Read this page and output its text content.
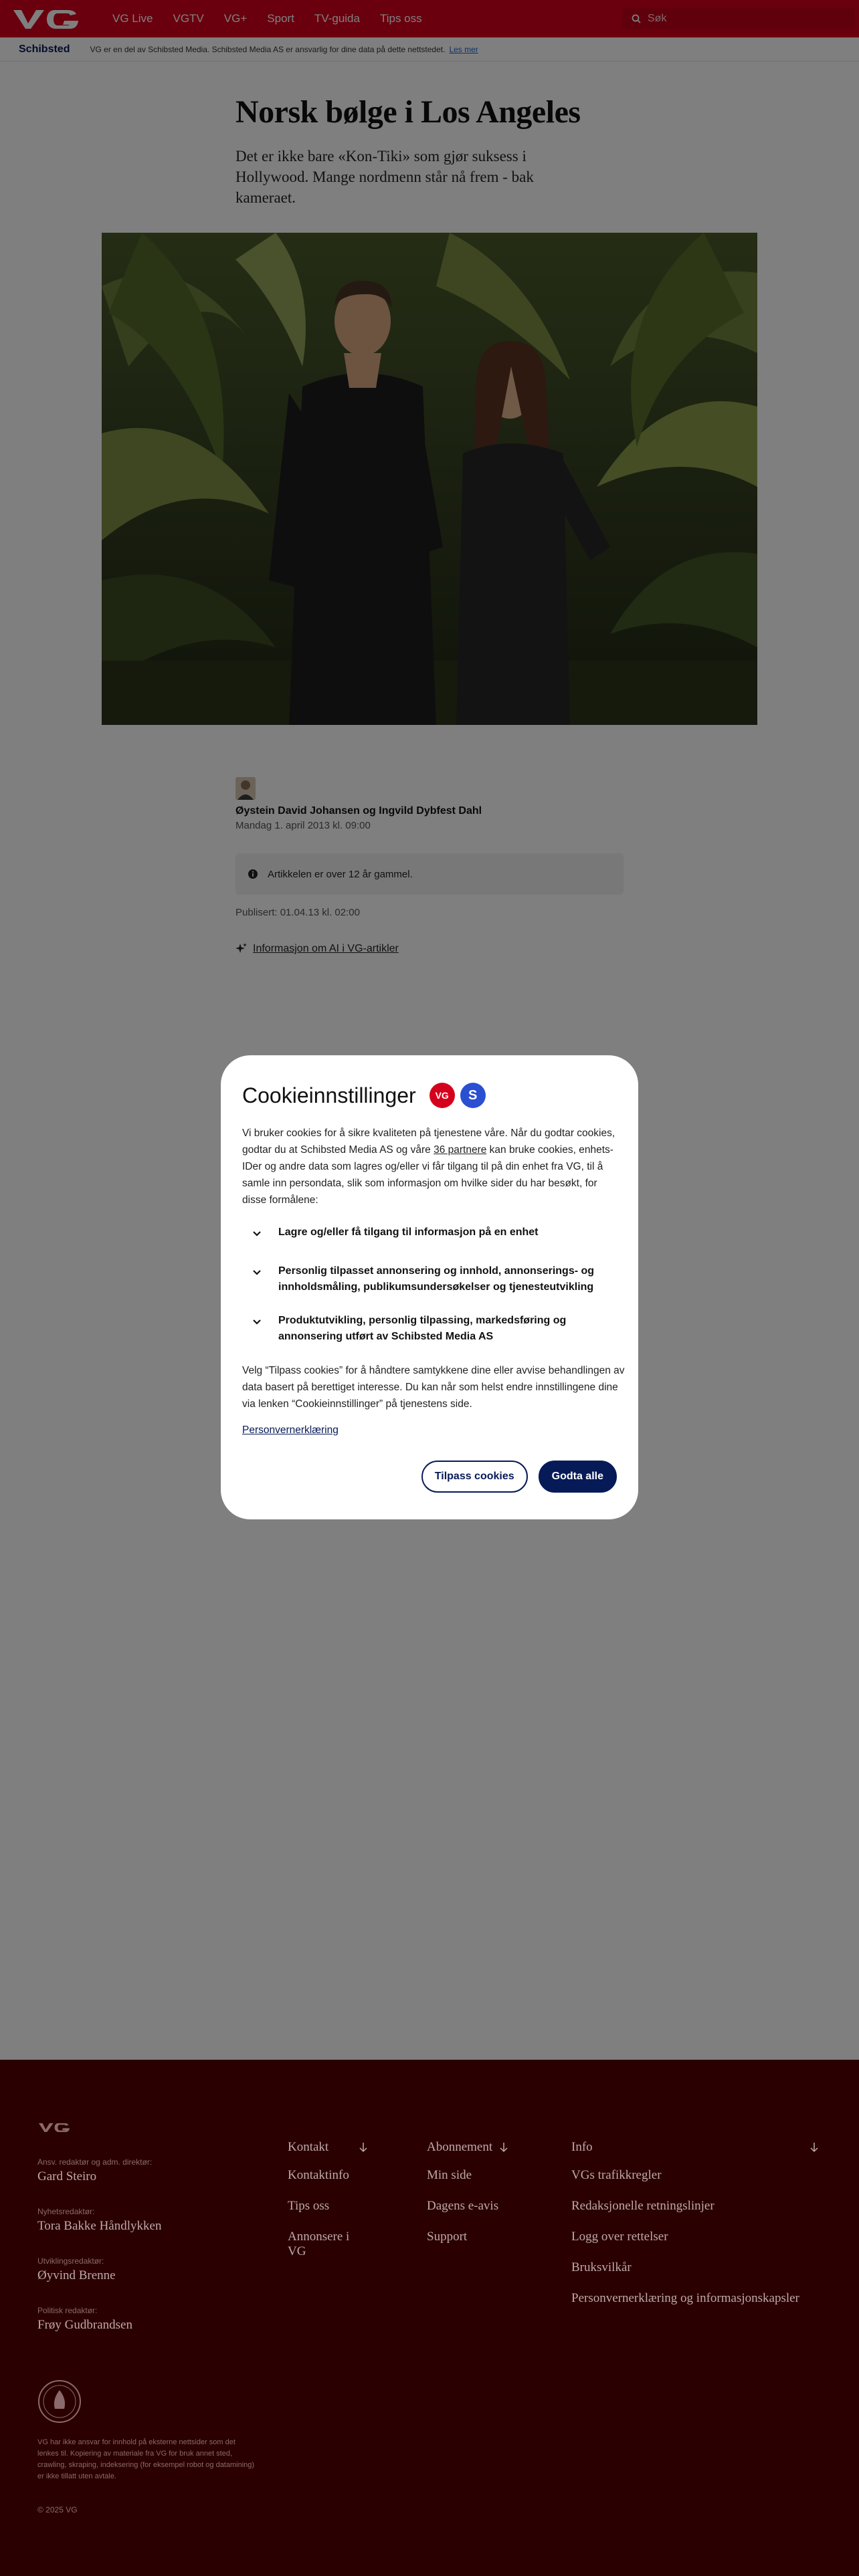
Søk

Cookieinnstillinger	VG	S

Vi bruker cookies for å sikre kvaliteten på tjenestene våre. Når du godtar cookies, godtar du at Schibsted Media AS og våre 36 partnere kan bruke cookies, enhets-IDer og andre data som lagres og/eller vi får tilgang til på din enhet fra VG, til å samle inn persondata, slik som informasjon om hvilke sider du har besøkt, for disse formålene:

Lagre og/eller få tilgang til informasjon på en enhet
Personlig tilpasset annonsering og innhold, annonserings- og innholdsmåling, publikumsundersøkelser og tjenesteutvikling
Produktutvikling, personlig tilpassing, markedsføring og annonsering utført av Schibsted Media AS

Velg “Tilpass cookies” for å håndtere samtykkene dine eller avvise behandlingen av data basert på berettiget interesse. Du kan når som helst endre innstillingene dine via lenken “Cookieinnstillinger” på tjenestens side.

Personvernerklæring
Tilpass cookies	Godta alle
Ansv. redaktør og adm. direktør:
Gard Steiro
Nyhetsredaktør:
Tora Bakke Håndlykken
Utviklingsredaktør:
Øyvind Brenne
Politisk redaktør:
Frøy Gudbrandsen
Kontakt
Kontaktinfo
Tips oss
Annonsere i VG
Abonnement
Min side
Dagens e-avis
Support
Info
VGs trafikkregler
Redaksjonelle retningslinjer
Logg over rettelser
Bruksvilkår
Personvernerklæring og informasjonskapsler

VG har ikke ansvar for innhold på eksterne nettsider som det lenkes til. Kopiering av materiale fra VG for bruk annet sted, crawling, skraping, indeksering (for eksempel robot og datamining) er ikke tillatt uten avtale.

© 2025 VG
